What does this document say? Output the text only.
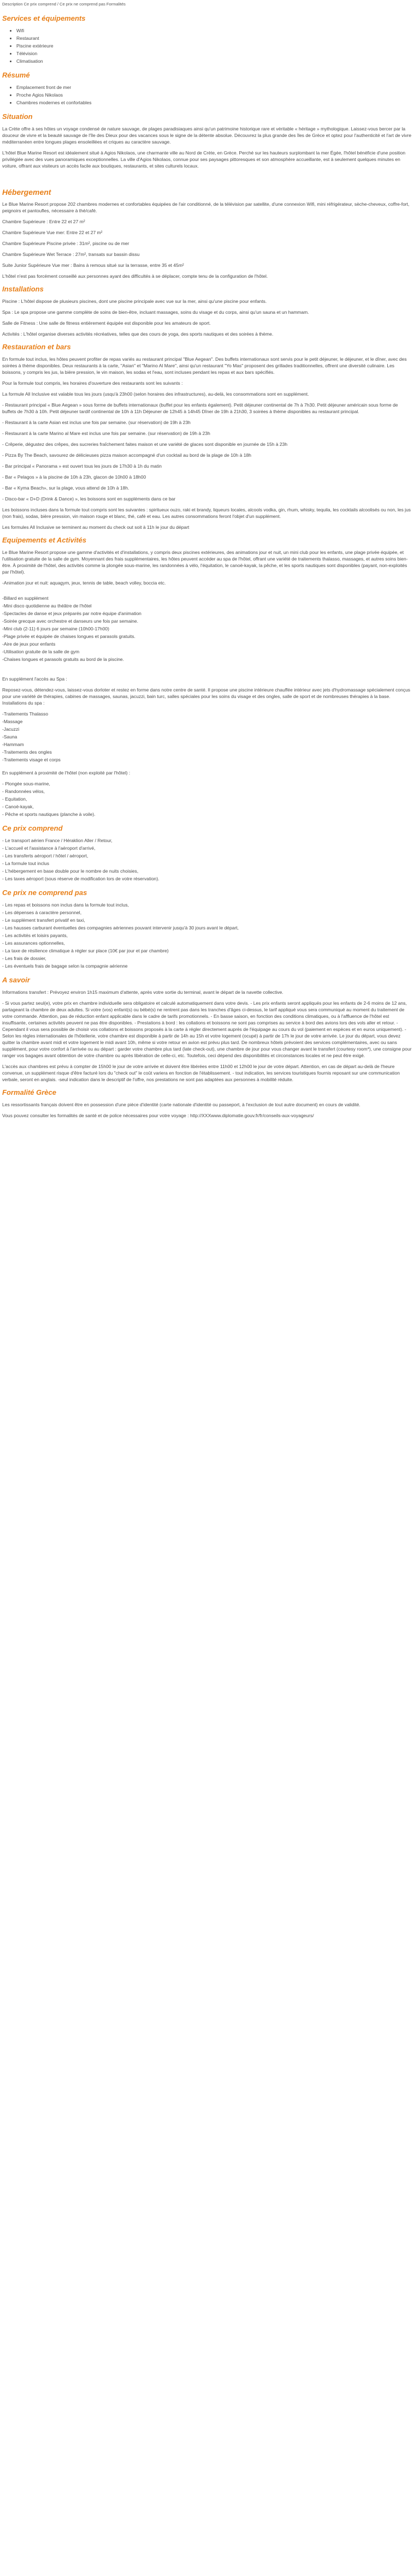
Description Ce prix comprend / Ce prix ne comprend pas Formalités
Services et équipements
• Wifi
• Restaurant
• Piscine extérieure
• Télévision
• Climatisation
Résumé
• Emplacement front de mer
• Proche Agios Nikolaos
• Chambres modernes et confortables
Situation

La Crète offre à ses hôtes un voyage condensé de nature sauvage, de plages paradisiaques ainsi qu'un patrimoine historique rare et véritable « héritage » mythologique. Laissez-vous bercer par la douceur de vivre et la beauté sauvage de l'île des Dieux pour des vacances sous le signe de la détente absolue. Découvrez la plus grande des îles de Grèce et optez pour l'authenticité et l'art de vivre méditerranéen entre longues plages ensoleillées et criques au caractère sauvage.

L'hôtel Blue Marine Resort est idéalement situé à Agios Nikolaos, une charmante ville au Nord de Crète, en Grèce. Perché sur les hauteurs surplombant la mer Égée, l'hôtel bénéficie d'une position privilégiée avec des vues panoramiques exceptionnelles. La ville d'Agios Nikolaos, connue pour ses paysages pittoresques et son atmosphère accueillante, est à seulement quelques minutes en voiture, offrant aux visiteurs un accès facile aux boutiques, restaurants, et sites culturels locaux.

Hébergement

Le Blue Marine Resort propose 202 chambres modernes et confortables équipées de l'air conditionné, de la télévision par satellite, d'une connexion Wifi, mini réfrigérateur, sèche-cheveux, coffre-fort, peignoirs et pantoufles, nécessaire à thé/café.

Chambre Supérieure : Entre 22 et 27 m²

Chambre Supérieure Vue mer: Entre 22 et 27 m²

Chambre Supérieure Piscine privée : 31m², piscine ou de mer

Chambre Supérieure Wet Terrace : 27m², transats sur bassin dissu

Suite Junior Supérieure Vue mer : Bains à remous situé sur la terrasse, entre 35 et 45m²

L'hôtel n'est pas forcément conseillé aux personnes ayant des difficultés à se déplacer, compte tenu de la configuration de l'hôtel.

Installations

Piscine : L'hôtel dispose de plusieurs piscines, dont une piscine principale avec vue sur la mer, ainsi qu'une piscine pour enfants.

Spa : Le spa propose une gamme complète de soins de bien-être, incluant massages, soins du visage et du corps, ainsi qu'un sauna et un hammam.

Salle de Fitness : Une salle de fitness entièrement équipée est disponible pour les amateurs de sport.

Activités : L'hôtel organise diverses activités récréatives, telles que des cours de yoga, des sports nautiques et des soirées à thème.

Restauration et bars

En formule tout inclus, les hôtes peuvent profiter de repas variés au restaurant principal "Blue Aegean". Des buffets internationaux sont servis pour le petit déjeuner, le déjeuner, et le dîner, avec des soirées à thème disponibles. Deux restaurants à la carte, "Asian" et "Marino Al Mare", ainsi qu'un restaurant "Yo Mas" proposent des grillades traditionnelles, offrent une diversité culinaire. Les boissons, y compris les jus, la bière pression, le vin maison, les sodas et l'eau, sont incluses pendant les repas et aux bars spécifiés.

Pour la formule tout compris, les horaires d'ouverture des restaurants sont les suivants :

La formule All Inclusive est valable tous les jours (usqu'à 23h00 (selon horaires des infrastructures), au-delà, les consommations sont en supplément.

- Restaurant principal « Blue Aegean » sous forme de buffets internationaux (buffet pour les enfants également). Petit déjeuner continental de 7h à 7h30. Petit déjeuner américain sous forme de buffets de 7h30 à 10h. Petit déjeuner tardif continental de 10h à 11h Déjeuner de 12h45 à 14h45 Dîner de 19h à 21h30, 3 soirées à thème disponibles au restaurant principal.

- Restaurant à la carte Asian est inclus une fois par semaine. (sur réservation) de 19h à 23h

- Restaurant à la carte Marino al Mare est inclus une fois par semaine. (sur réservation) de 19h à 23h

- Crêperie, dégustez des crêpes, des sucreries fraîchement faites maison et une variété de glaces sont disponible en journée de 15h à 23h

- Pizza By The Beach, savourez de délicieuses pizza maison accompagné d'un cocktail au bord de la plage de 10h à 18h

- Bar principal « Panorama » est ouvert tous les jours de 17h30 à 1h du matin

- Bar « Pelagos » à la piscine de 10h à 23h, glacon de 10h00 à 18h00

- Bar « Kyma Beach», sur la plage, vous attend de 10h à 18h.

- Disco-bar « D+D (Drink & Dance) », les boissons sont en suppléments dans ce bar

Les boissons incluses dans la formule tout compris sont les suivantes : spiritueux ouzo, raki et brandy, liqueurs locales, alcools vodka, gin, rhum, whisky, tequila, les cocktails alcoolisés ou non, les jus (non frais), sodas, bière pression, vin maison rouge et blanc, thé, café et eau. Les autres consommations feront l'objet d'un supplément.

Les formules All Inclusive se terminent au moment du check out soit à 11h le jour du départ

Equipements et Activités

Le Blue Marine Resort propose une gamme d'activités et d'installations, y compris deux piscines extérieures, des animations jour et nuit, un mini club pour les enfants, une plage privée équipée, et l'utilisation gratuite de la salle de gym. Moyennant des frais supplémentaires, les hôtes peuvent accéder au spa de l'hôtel, offrant une variété de traitements thalasso, massages, et autres soins bien-être. À proximité de l'hôtel, des activités comme la plongée sous-marine, les randonnées à vélo, l'équitation, le canoë-kayak, la pêche, et les sports nautiques sont disponibles (payant, non-exploités par l'hôtel).

-Animation jour et nuit: aquagym, jeux, tennis de table, beach volley, boccia etc.

-Billard en supplément
-Mini disco quotidienne au théâtre de l'hôtel
-Spectacles de danse et jeux préparés par notre équipe d'animation
-Soirée grecque avec orchestre et danseurs une fois par semaine.
-Mini club (2-11) 6 jours par semaine (10h00-17h00)
-Plage privée et équipée de chaises longues et parasols gratuits.
-Aire de jeux pour enfants
-Utilisation gratuite de la salle de gym
-Chaises longues et parasols gratuits au bord de la piscine.

En supplément l'accès au Spa :

Reposez-vous, détendez-vous, laissez-vous dorloter et restez en forme dans notre centre de santé. Il propose une piscine intérieure chauffée intérieur avec jets d'hydromassage spécialement conçus pour une variété de thérapies, cabines de massages, saunas, jacuzzi, bain turc, salles spéciales pour les soins du visage et des ongles, salle de sport et de nombreuses thérapies à la base. Installations du spa :

-Traitements Thalasso
-Massage
-Jacuzzi
-Sauna
-Hammam
-Traitements des ongles
-Traitements visage et corps

En supplément à proximité de l'hôtel (non exploité par l'hôtel) :

- Plongée sous-marine,
- Randonnées vélos,
- Equitation,
- Canoë-kayak,
- Pêche et sports nautiques (planche à voile).
Ce prix comprend
- Le transport aérien France / Héraklion Aller / Retour,
- L'accueil et l'assistance à l'aéroport d'arrivé,
- Les transferts aéroport / hôtel / aéroport,
- La formule tout inclus
- L'hébergement en base double pour le nombre de nuits choisies,
- Les taxes aéroport (sous réserve de modification lors de votre réservation).
Ce prix ne comprend pas
- Les repas et boissons non inclus dans la formule tout inclus,
- Les dépenses à caractère personnel,
- Le supplément transfert privatif en taxi,
- Les hausses carburant éventuelles des compagnies aériennes pouvant intervenir jusqu'à 30 jours avant le départ,
- Les activités et loisirs payants,
- Les assurances optionnelles,
- La taxe de résilience climatique à régler sur place (10€ par jour et par chambre)
- Les frais de dossier,
- Les éventuels frais de bagage selon la compagnie aérienne
A savoir

Informations transfert : Prévoyez environ 1h15 maximum d'attente, après votre sortie du terminal, avant le départ de la navette collective.

- Si vous partez seul(e), votre prix en chambre individuelle sera obligatoire et calculé automatiquement dans votre devis. - Les prix enfants seront appliqués pour les enfants de 2-6 moins de 12 ans, partageant la chambre de deux adultes. Si votre (vos) enfant(s) ou bébé(s) ne rentrent pas dans les tranches d'âges ci-dessus, le tarif appliqué vous sera communiqué au moment du traitement de votre commande. Attention, pas de réduction enfant applicable dans le cadre de tarifs promotionnels. - En basse saison, en fonction des conditions climatiques, ou à l'affluence de l'hôtel est insuffisante, certaines activités peuvent ne pas être disponibles. - Prestations à bord : les collations et boissons ne sont pas comprises au service à bord des avions lors des vols aller et retour. - Cependant il vous sera possible de choisir vos collations et boissons proposés à la carte à régler directement auprès de l'équipage au cours du vol (paiement en espèces et en euros uniquement). - Selon les règles internationales de l'hôtellerie, votre chambre est disponible à partir de 14h au 15h et votre logement (ocupé) à partir de 17h le jour de votre arrivée. Le jour du départ, vous devez quitter la chambre avant midi et votre logement le midi avant 10h, même si votre retour en avion est prévu plus tard. De nombreux hôtels prévoient des services complémentaires, avec ou sans supplément, pour votre confort à l'arrivée ou au départ : garder votre chambre plus tard (late check-out), une chambre de jour pour vous changer avant le transfert (courtesy room*), une consigne pour ranger vos bagages avant obtention de votre chambre ou après libération de celle-ci, etc. Toutefois, ceci dépend des disponibilités et circonstances locales et ne peut être exigé.

L'accès aux chambres est prévu à compter de 15h00 le jour de votre arrivée et doivent être libérées entre 11h00 et 12h00 le jour de votre départ. Attention, en cas de départ au-delà de l'heure convenue, un supplément risque d'être facturé lors du "check out" le coût variera en fonction de l'établissement. - tout indication, les services touristiques fournis reposant sur une communication verbale, seront en anglais. -seul indication dans le descriptif de l'offre, nos prestations ne sont pas adaptées aux personnes à mobilité réduite.

Formalité Grèce

Les ressortissants français doivent être en possession d'une pièce d'identité (carte nationale d'identité ou passeport, à l'exclusion de tout autre document) en cours de validité.

Vous pouvez consulter les formalités de santé et de police nécessaires pour votre voyage : http://XXXwww.diplomatie.gouv.fr/fr/conseils-aux-voyageurs/
